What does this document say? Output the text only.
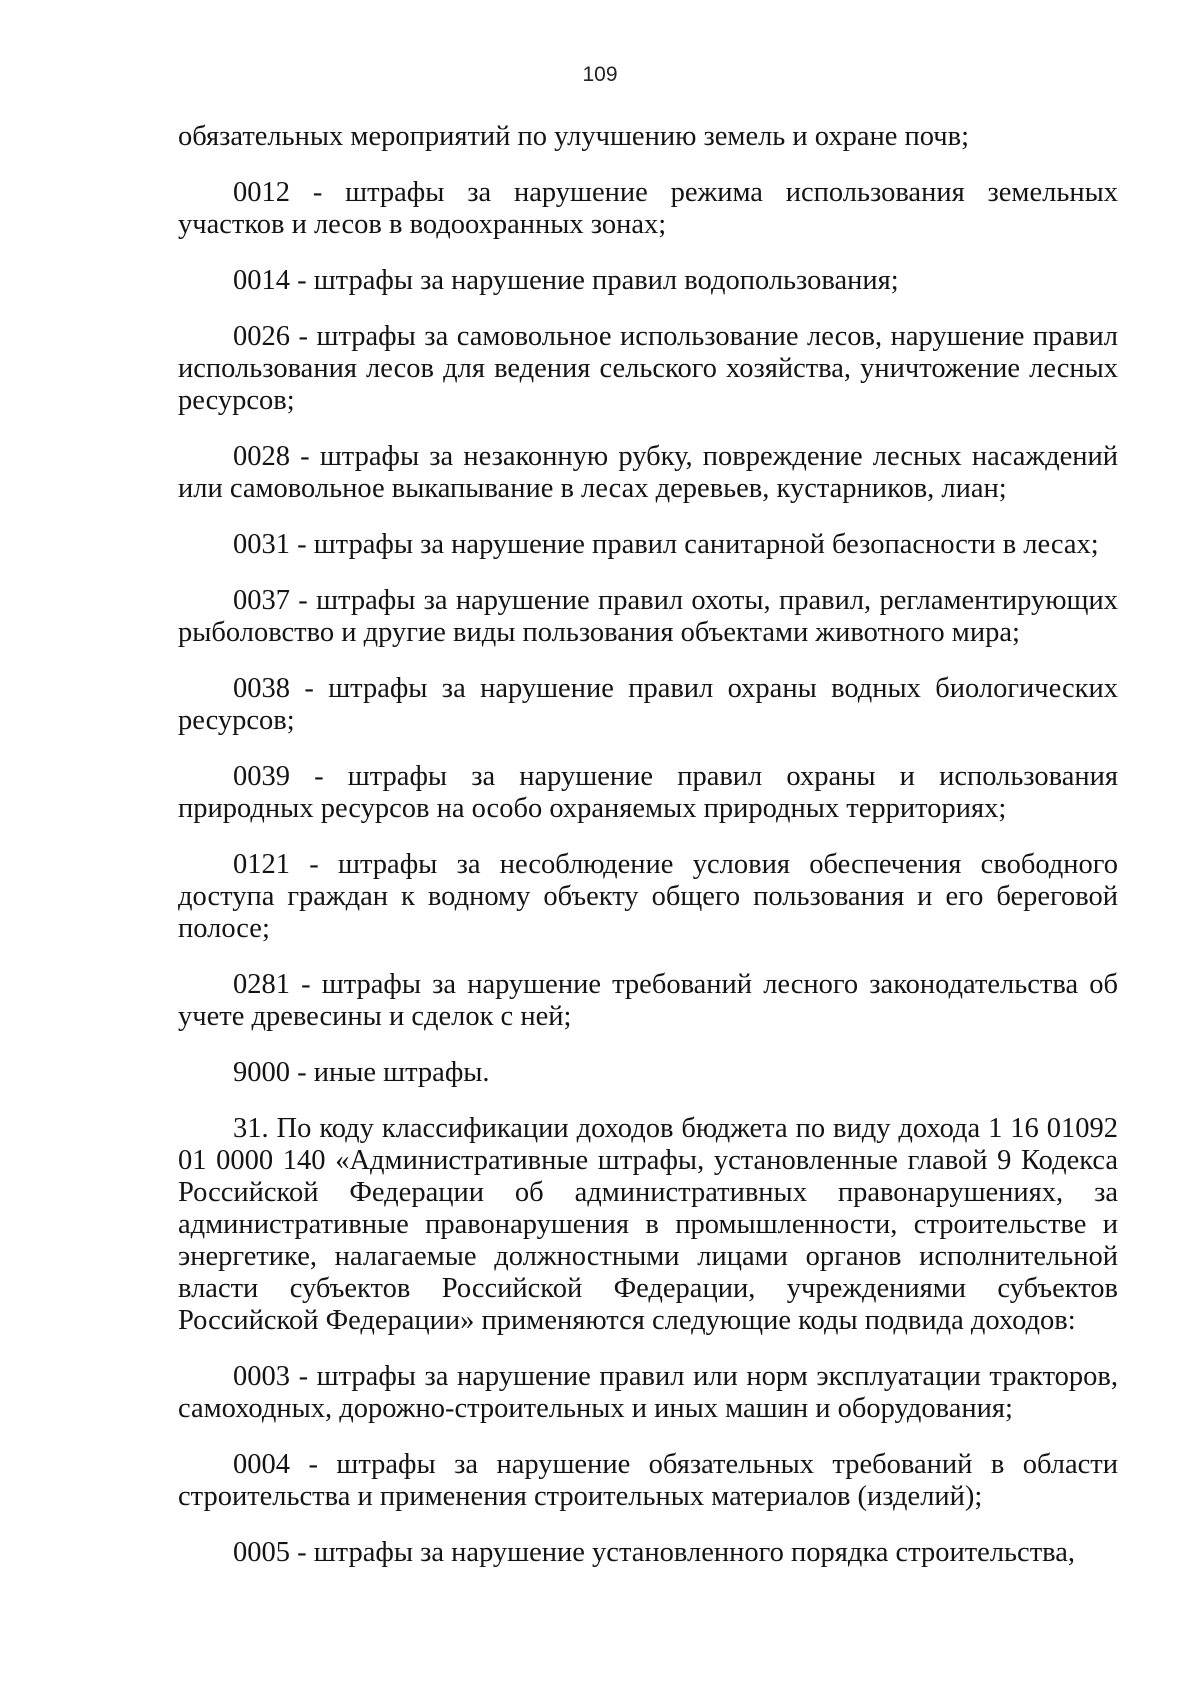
109

обязательных мероприятий по улучшению земель и охране почв;

0012 - штрафы за нарушение режима использования земельных участков и лесов в водоохранных зонах;

0014 - штрафы за нарушение правил водопользования;

0026 - штрафы за самовольное использование лесов, нарушение правил использования лесов для ведения сельского хозяйства, уничтожение лесных ресурсов;

0028 - штрафы за незаконную рубку, повреждение лесных насаждений или самовольное выкапывание в лесах деревьев, кустарников, лиан;

0031 - штрафы за нарушение правил санитарной безопасности в лесах;

0037 - штрафы за нарушение правил охоты, правил, регламентирующих рыболовство и другие виды пользования объектами животного мира;

0038 - штрафы за нарушение правил охраны водных биологических ресурсов;

0039 - штрафы за нарушение правил охраны и использования природных ресурсов на особо охраняемых природных территориях;

0121 - штрафы за несоблюдение условия обеспечения свободного доступа граждан к водному объекту общего пользования и его береговой полосе;

0281 - штрафы за нарушение требований лесного законодательства об учете древесины и сделок с ней;

9000 - иные штрафы.

31. По коду классификации доходов бюджета по виду дохода 1 16 01092 01 0000 140 «Административные штрафы, установленные главой 9 Кодекса Российской Федерации об административных правонарушениях, за административные правонарушения в промышленности, строительстве и энергетике, налагаемые должностными лицами органов исполнительной власти субъектов Российской Федерации, учреждениями субъектов Российской Федерации» применяются следующие коды подвида доходов:

0003 - штрафы за нарушение правил или норм эксплуатации тракторов, самоходных, дорожно-строительных и иных машин и оборудования;

0004 - штрафы за нарушение обязательных требований в области строительства и применения строительных материалов (изделий);

0005 - штрафы за нарушение установленного порядка строительства,
